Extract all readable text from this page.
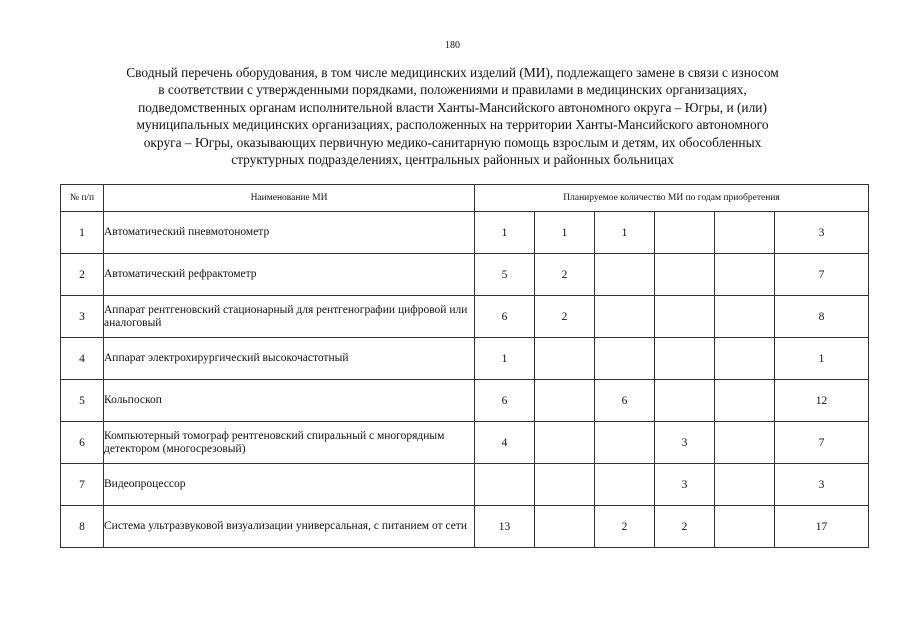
180
Сводный перечень оборудования, в том числе медицинских изделий (МИ), подлежащего замене в связи с износом
в соответствии с утвержденными порядками, положениями и правилами в медицинских организациях,
подведомственных органам исполнительной власти Ханты-Мансийского автономного округа – Югры, и (или)
муниципальных медицинских организациях, расположенных на территории Ханты-Мансийского автономного
округа – Югры, оказывающих первичную медико-санитарную помощь взрослым и детям, их обособленных
структурных подразделениях, центральных районных и районных больницах
№ п/п	Наименование МИ	Планируемое количество МИ по годам приобретения					
1	Автоматический пневмотонометр	1	1	1			3
2	Автоматический рефрактометр	5	2				7
3	Аппарат рентгеновский стационарный для рентгенографии цифровой или аналоговый	6	2				8
4	Аппарат электрохирургический высокочастотный	1					1
5	Кольпоскоп	6		6			12
6	Компьютерный томограф рентгеновский спиральный с многорядным детектором (многосрезовый)	4			3		7
7	Видеопроцессор				3		3
8	Система ультразвуковой визуализации универсальная, с питанием от сети	13		2	2		17
